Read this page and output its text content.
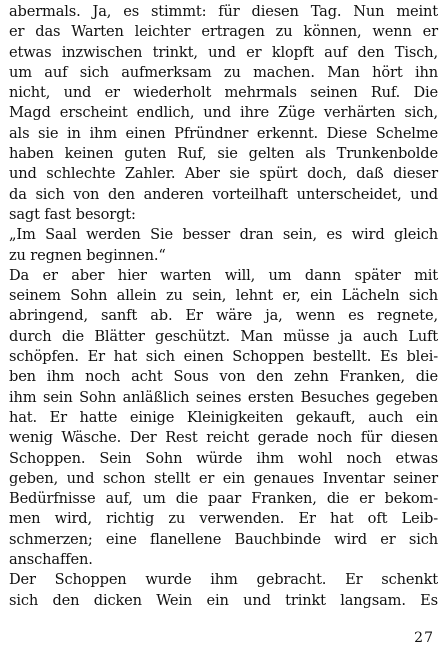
abermals. Ja, es stimmt: für diesen Tag. Nun meint
er das Warten leichter ertragen zu können, wenn er
etwas inzwischen trinkt, und er klopft auf den Tisch,
um auf sich aufmerksam zu machen. Man hört ihn
nicht, und er wiederholt mehrmals seinen Ruf. Die
Magd erscheint endlich, und ihre Züge verhärten sich,
als sie in ihm einen Pfründner erkennt. Diese Schelme
haben keinen guten Ruf, sie gelten als Trunkenbolde
und schlechte Zahler. Aber sie spürt doch, daß dieser
da sich von den anderen vorteilhaft unterscheidet, und
sagt fast besorgt:
„Im Saal werden Sie besser dran sein, es wird gleich
zu regnen beginnen.“
Da er aber hier warten will, um dann später mit
seinem Sohn allein zu sein, lehnt er, ein Lächeln sich
abringend, sanft ab. Er wäre ja, wenn es regnete,
durch die Blätter geschützt. Man müsse ja auch Luft
schöpfen. Er hat sich einen Schoppen bestellt. Es blei-
ben ihm noch acht Sous von den zehn Franken, die
ihm sein Sohn anläßlich seines ersten Besuches gegeben
hat. Er hatte einige Kleinigkeiten gekauft, auch ein
wenig Wäsche. Der Rest reicht gerade noch für diesen
Schoppen. Sein Sohn würde ihm wohl noch etwas
geben, und schon stellt er ein genaues Inventar seiner
Bedürfnisse auf, um die paar Franken, die er bekom-
men wird, richtig zu verwenden. Er hat oft Leib-
schmerzen; eine flanellene Bauchbinde wird er sich
anschaffen.
Der Schoppen wurde ihm gebracht. Er schenkt
sich den dicken Wein ein und trinkt langsam. Es
27
